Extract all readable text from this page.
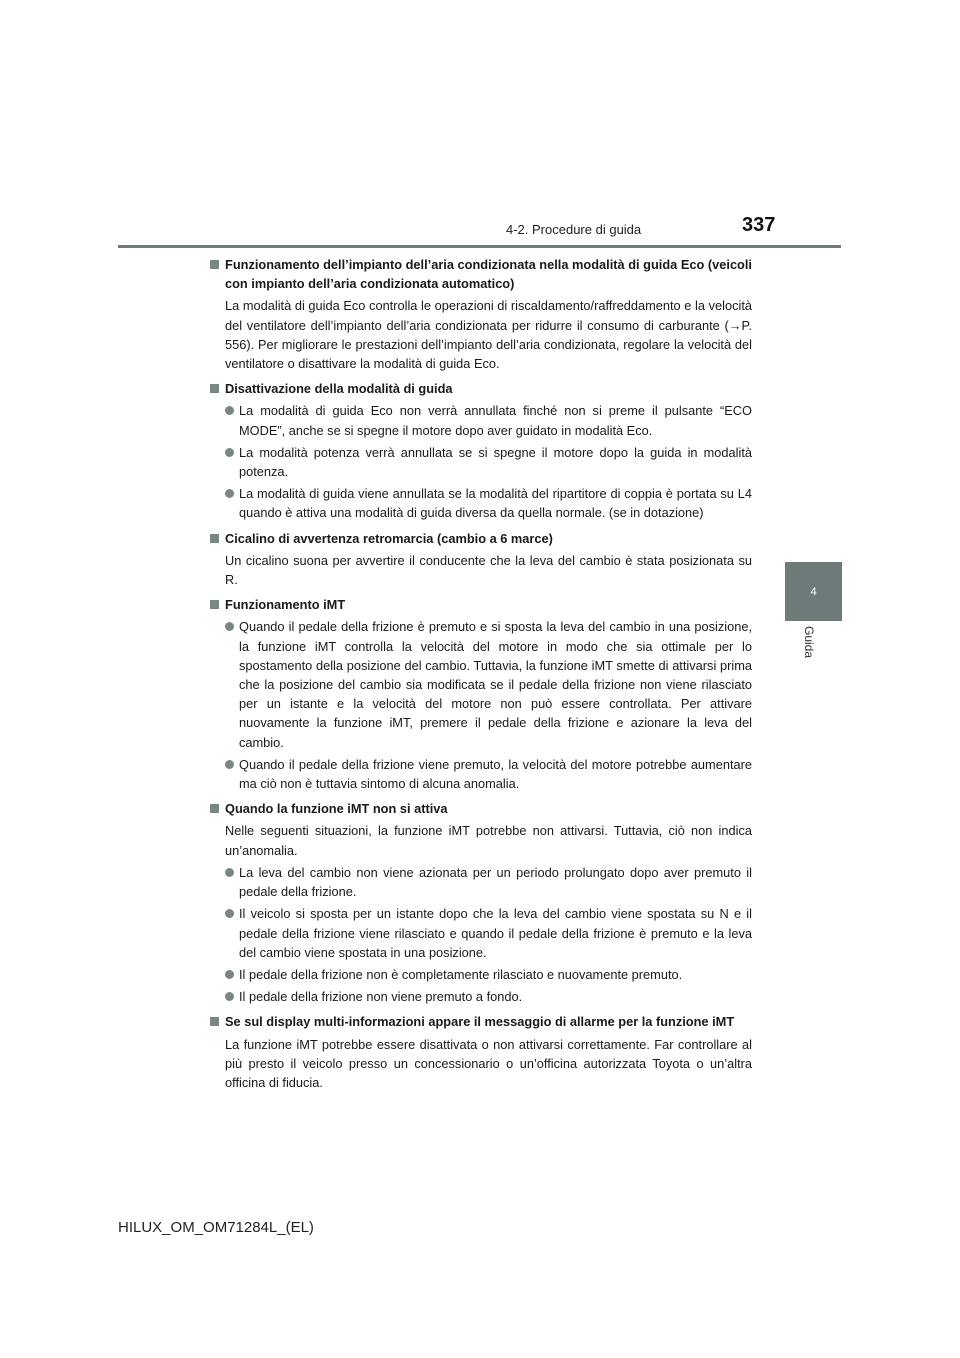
4-2. Procedure di guida	337
4
Guida
Funzionamento dell’impianto dell’aria condizionata nella modalità di guida Eco (veicoli con impianto dell’aria condizionata automatico)
La modalità di guida Eco controlla le operazioni di riscaldamento/raffreddamento e la velocità del ventilatore dell’impianto dell’aria condizionata per ridurre il consumo di carburante (→P. 556). Per migliorare le prestazioni dell’impianto dell’aria condizionata, regolare la velocità del ventilatore o disattivare la modalità di guida Eco.
Disattivazione della modalità di guida
La modalità di guida Eco non verrà annullata finché non si preme il pulsante “ECO MODE”, anche se si spegne il motore dopo aver guidato in modalità Eco.
La modalità potenza verrà annullata se si spegne il motore dopo la guida in modalità potenza.
La modalità di guida viene annullata se la modalità del ripartitore di coppia è portata su L4 quando è attiva una modalità di guida diversa da quella normale. (se in dotazione)
Cicalino di avvertenza retromarcia (cambio a 6 marce)
Un cicalino suona per avvertire il conducente che la leva del cambio è stata posizionata su R.
Funzionamento iMT
Quando il pedale della frizione è premuto e si sposta la leva del cambio in una posizione, la funzione iMT controlla la velocità del motore in modo che sia ottimale per lo spostamento della posizione del cambio. Tuttavia, la funzione iMT smette di attivarsi prima che la posizione del cambio sia modificata se il pedale della frizione non viene rilasciato per un istante e la velocità del motore non può essere controllata. Per attivare nuovamente la funzione iMT, premere il pedale della frizione e azionare la leva del cambio.
Quando il pedale della frizione viene premuto, la velocità del motore potrebbe aumentare ma ciò non è tuttavia sintomo di alcuna anomalia.
Quando la funzione iMT non si attiva
Nelle seguenti situazioni, la funzione iMT potrebbe non attivarsi. Tuttavia, ciò non indica un’anomalia.
La leva del cambio non viene azionata per un periodo prolungato dopo aver premuto il pedale della frizione.
Il veicolo si sposta per un istante dopo che la leva del cambio viene spostata su N e il pedale della frizione viene rilasciato e quando il pedale della frizione è premuto e la leva del cambio viene spostata in una posizione.
Il pedale della frizione non è completamente rilasciato e nuovamente premuto.
Il pedale della frizione non viene premuto a fondo.
Se sul display multi-informazioni appare il messaggio di allarme per la funzione iMT
La funzione iMT potrebbe essere disattivata o non attivarsi correttamente. Far controllare al più presto il veicolo presso un concessionario o un’officina autorizzata Toyota o un’altra officina di fiducia.
HILUX_OM_OM71284L_(EL)
